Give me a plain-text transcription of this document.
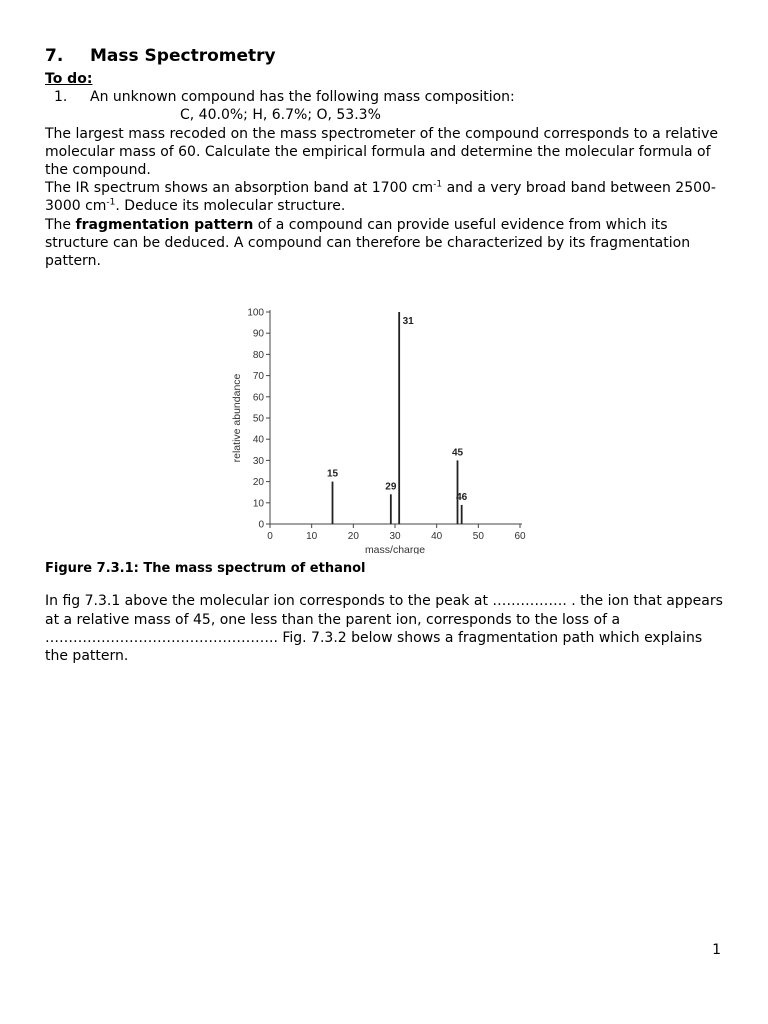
7. Mass Spectrometry

To do:

1. An unknown compound has the following mass composition:

C, 40.0%; H, 6.7%; O, 53.3%

The largest mass recoded on the mass spectrometer of the compound corresponds to a relative molecular mass of 60. Calculate the empirical formula and determine the molecular formula of the compound.

The IR spectrum shows an absorption band at 1700 $cm^{-1}$ and a very broad band between 2500-3000 $cm^{-1}$. Deduce its molecular structure.

The fragmentation pattern of a compound can provide useful evidence from which its structure can be deduced. A compound can therefore be characterized by its fragmentation pattern.

0
10
20
30
40
50
60
70
80
90
100
0	10	20	30	40	50	60
mass/charge
relative abundance
15
29
31
45
46

Figure 7.3.1: The mass spectrum of ethanol

In fig 7.3.1 above the molecular ion corresponds to the peak at ……………. . the ion that appears at a relative mass of 45, one less than the parent ion, corresponds to the loss of a ………………………………………….. Fig. 7.3.2 below shows a fragmentation path which explains the pattern.

1
